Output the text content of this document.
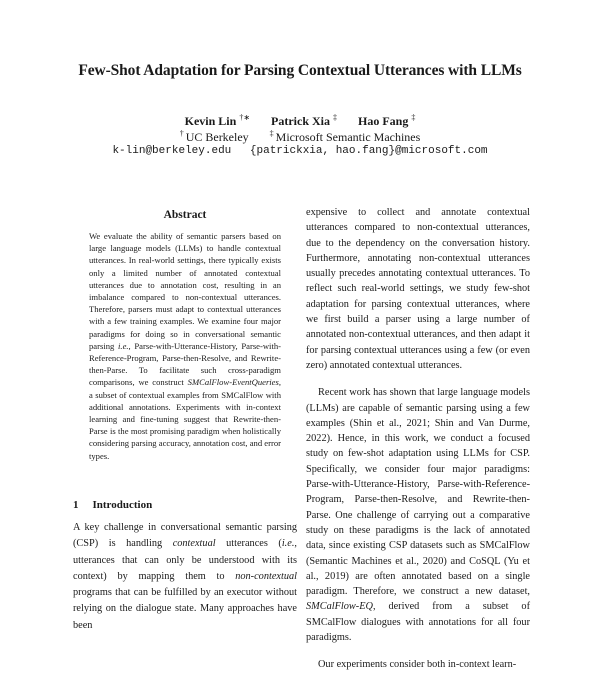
Few-Shot Adaptation for Parsing Contextual Utterances with LLMs
Kevin Lin †∗ Patrick Xia ‡ Hao Fang ‡
† UC Berkeley	‡ Microsoft Semantic Machines
k-lin@berkeley.edu {patrickxia, hao.fang}@microsoft.com
Abstract

We evaluate the ability of semantic parsers based on large language models (LLMs) to handle contextual utterances. In real-world settings, there typically exists only a limited number of annotated contextual utterances due to annotation cost, resulting in an imbalance compared to non-contextual utterances. Therefore, parsers must adapt to contextual utterances with a few training examples. We examine four major paradigms for doing so in conversational semantic parsing i.e., Parse-with-Utterance-History, Parse-with-Reference-Program, Parse-then-Resolve, and Rewrite-then-Parse. To facilitate such cross-paradigm comparisons, we construct SMCalFlow-EventQueries, a subset of contextual examples from SMCalFlow with additional annotations. Experiments with in-context learning and fine-tuning suggest that Rewrite-then-Parse is the most promising paradigm when holistically considering parsing accuracy, annotation cost, and error types.

1 Introduction

A key challenge in conversational semantic parsing (CSP) is handling contextual utterances (i.e., utterances that can only be understood with its context) by mapping them to non-contextual programs that can be fulfilled by an executor without relying on the dialogue state. Many approaches have been

expensive to collect and annotate contextual utterances compared to non-contextual utterances, due to the dependency on the conversation history. Furthermore, annotating non-contextual utterances usually precedes annotating contextual utterances. To reflect such real-world settings, we study few-shot adaptation for parsing contextual utterances, where we first build a parser using a large number of annotated non-contextual utterances, and then adapt it for parsing contextual utterances using a few (or even zero) annotated contextual utterances.

Recent work has shown that large language models (LLMs) are capable of semantic parsing using a few examples (Shin et al., 2021; Shin and Van Durme, 2022). Hence, in this work, we conduct a focused study on few-shot adaptation using LLMs for CSP. Specifically, we consider four major paradigms: Parse-with-Utterance-History, Parse-with-Reference-Program, Parse-then-Resolve, and Rewrite-then-Parse. One challenge of carrying out a comparative study on these paradigms is the lack of annotated data, since existing CSP datasets such as SMCalFlow (Semantic Machines et al., 2020) and CoSQL (Yu et al., 2019) are often annotated based on a single paradigm. Therefore, we construct a new dataset, SMCalFlow-EQ, derived from a subset of SMCalFlow dialogues with annotations for all four paradigms.

Our experiments consider both in-context learn-
